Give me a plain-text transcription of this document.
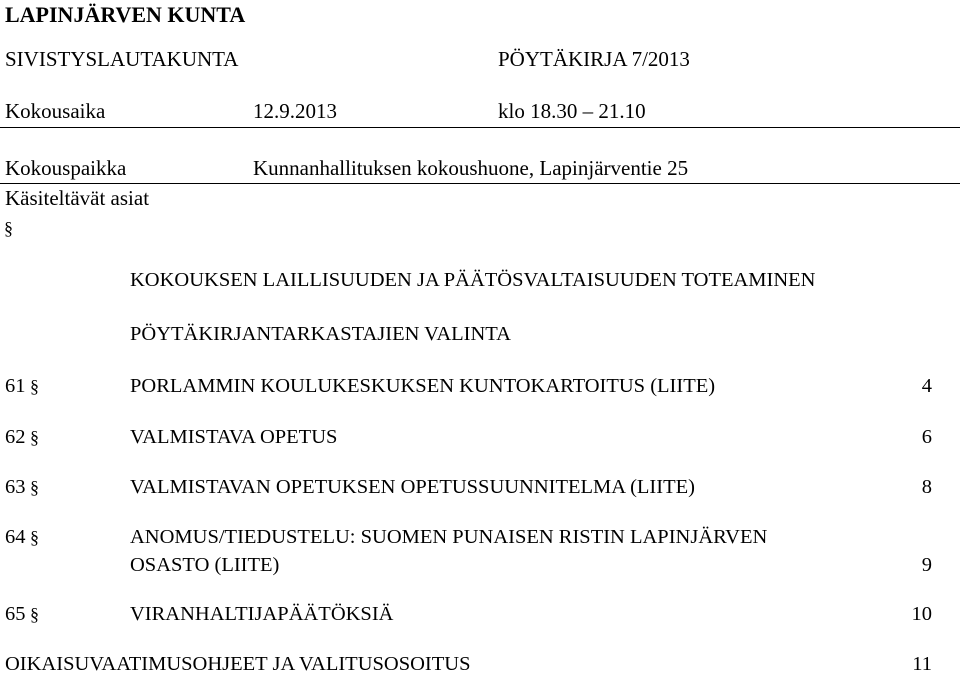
LAPINJÄRVEN KUNTA
SIVISTYSLAUTAKUNTA	PÖYTÄKIRJA 7/2013
Kokousaika	12.9.2013	klo 18.30 – 21.10
Kokouspaikka	Kunnanhallituksen kokoushuone, Lapinjärventie 25
Käsiteltävät asiat
§
KOKOUKSEN LAILLISUUDEN JA PÄÄTÖSVALTAISUUDEN TOTEAMINEN
PÖYTÄKIRJANTARKASTAJIEN VALINTA
61 §	PORLAMMIN KOULUKESKUKSEN KUNTOKARTOITUS (LIITE)	4
62 §	VALMISTAVA OPETUS	6
63 §	VALMISTAVAN OPETUKSEN OPETUSSUUNNITELMA (LIITE)	8
64 §	ANOMUS/TIEDUSTELU: SUOMEN PUNAISEN RISTIN LAPINJÄRVEN
OSASTO (LIITE)	9
65 §	VIRANHALTIJAPÄÄTÖKSIÄ	10
OIKAISUVAATIMUSOHJEET JA VALITUSOSOITUS	11
